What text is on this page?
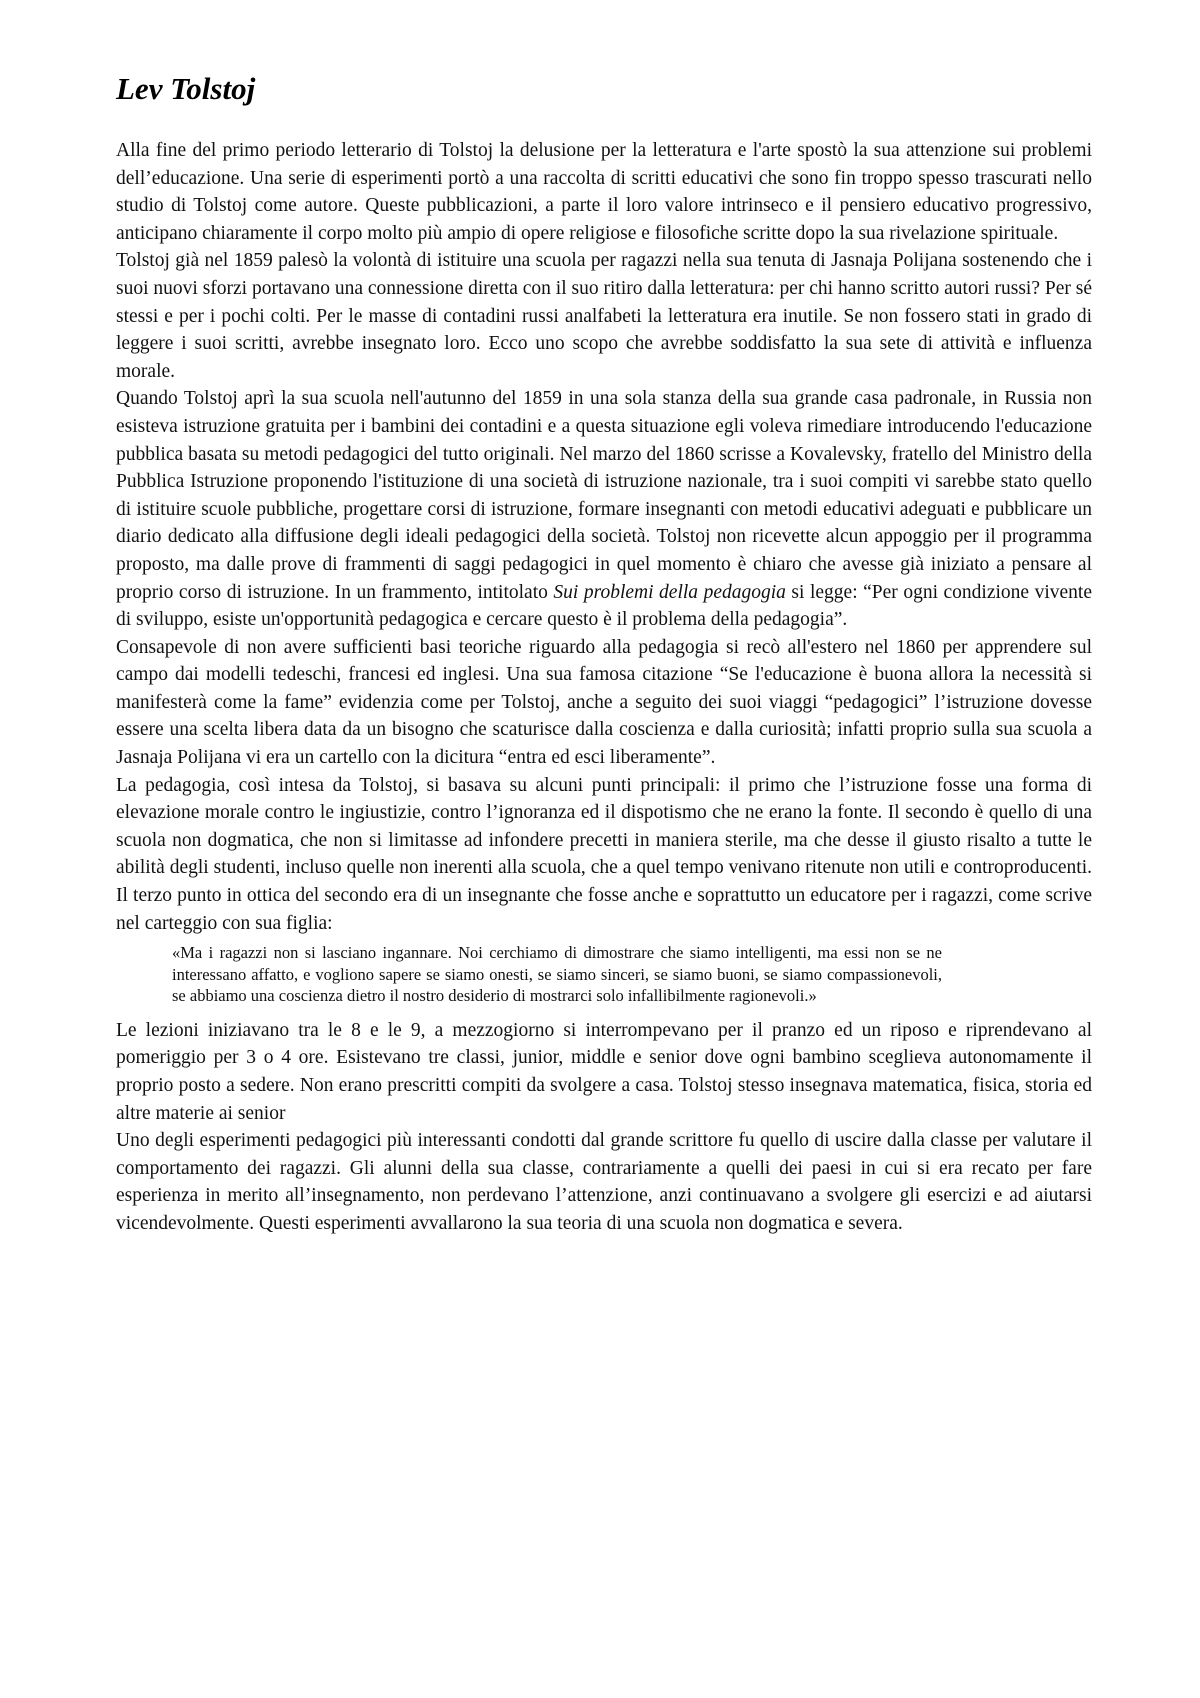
Lev Tolstoj

Alla fine del primo periodo letterario di Tolstoj la delusione per la letteratura e l'arte spostò la sua attenzione sui problemi dell’educazione. Una serie di esperimenti portò a una raccolta di scritti educativi che sono fin troppo spesso trascurati nello studio di Tolstoj come autore. Queste pubblicazioni, a parte il loro valore intrinseco e il pensiero educativo progressivo, anticipano chiaramente il corpo molto più ampio di opere religiose e filosofiche scritte dopo la sua rivelazione spirituale.

Tolstoj già nel 1859 palesò la volontà di istituire una scuola per ragazzi nella sua tenuta di Jasnaja Polijana sostenendo che i suoi nuovi sforzi portavano una connessione diretta con il suo ritiro dalla letteratura: per chi hanno scritto autori russi? Per sé stessi e per i pochi colti. Per le masse di contadini russi analfabeti la letteratura era inutile. Se non fossero stati in grado di leggere i suoi scritti, avrebbe insegnato loro. Ecco uno scopo che avrebbe soddisfatto la sua sete di attività e influenza morale.

Quando Tolstoj aprì la sua scuola nell'autunno del 1859 in una sola stanza della sua grande casa padronale, in Russia non esisteva istruzione gratuita per i bambini dei contadini e a questa situazione egli voleva rimediare introducendo l'educazione pubblica basata su metodi pedagogici del tutto originali. Nel marzo del 1860 scrisse a Kovalevsky, fratello del Ministro della Pubblica Istruzione proponendo l'istituzione di una società di istruzione nazionale, tra i suoi compiti vi sarebbe stato quello di istituire scuole pubbliche, progettare corsi di istruzione, formare insegnanti con metodi educativi adeguati e pubblicare un diario dedicato alla diffusione degli ideali pedagogici della società. Tolstoj non ricevette alcun appoggio per il programma proposto, ma dalle prove di frammenti di saggi pedagogici in quel momento è chiaro che avesse già iniziato a pensare al proprio corso di istruzione. In un frammento, intitolato Sui problemi della pedagogia si legge: “Per ogni condizione vivente di sviluppo, esiste un'opportunità pedagogica e cercare questo è il problema della pedagogia”.

Consapevole di non avere sufficienti basi teoriche riguardo alla pedagogia si recò all'estero nel 1860 per apprendere sul campo dai modelli tedeschi, francesi ed inglesi. Una sua famosa citazione “Se l'educazione è buona allora la necessità si manifesterà come la fame” evidenzia come per Tolstoj, anche a seguito dei suoi viaggi “pedagogici” l’istruzione dovesse essere una scelta libera data da un bisogno che scaturisce dalla coscienza e dalla curiosità; infatti proprio sulla sua scuola a Jasnaja Polijana vi era un cartello con la dicitura “entra ed esci liberamente”.

La pedagogia, così intesa da Tolstoj, si basava su alcuni punti principali: il primo che l’istruzione fosse una forma di elevazione morale contro le ingiustizie, contro l’ignoranza ed il dispotismo che ne erano la fonte. Il secondo è quello di una scuola non dogmatica, che non si limitasse ad infondere precetti in maniera sterile, ma che desse il giusto risalto a tutte le abilità degli studenti, incluso quelle non inerenti alla scuola, che a quel tempo venivano ritenute non utili e controproducenti. Il terzo punto in ottica del secondo era di un insegnante che fosse anche e soprattutto un educatore per i ragazzi, come scrive nel carteggio con sua figlia:

«Ma i ragazzi non si lasciano ingannare. Noi cerchiamo di dimostrare che siamo intelligenti, ma essi non se ne interessano affatto, e vogliono sapere se siamo onesti, se siamo sinceri, se siamo buoni, se siamo compassionevoli, se abbiamo una coscienza dietro il nostro desiderio di mostrarci solo infallibilmente ragionevoli.»

Le lezioni iniziavano tra le 8 e le 9, a mezzogiorno si interrompevano per il pranzo ed un riposo e riprendevano al pomeriggio per 3 o 4 ore. Esistevano tre classi, junior, middle e senior dove ogni bambino sceglieva autonomamente il proprio posto a sedere. Non erano prescritti compiti da svolgere a casa. Tolstoj stesso insegnava matematica, fisica, storia ed altre materie ai senior

Uno degli esperimenti pedagogici più interessanti condotti dal grande scrittore fu quello di uscire dalla classe per valutare il comportamento dei ragazzi. Gli alunni della sua classe, contrariamente a quelli dei paesi in cui si era recato per fare esperienza in merito all’insegnamento, non perdevano l’attenzione, anzi continuavano a svolgere gli esercizi e ad aiutarsi vicendevolmente. Questi esperimenti avvallarono la sua teoria di una scuola non dogmatica e severa.
